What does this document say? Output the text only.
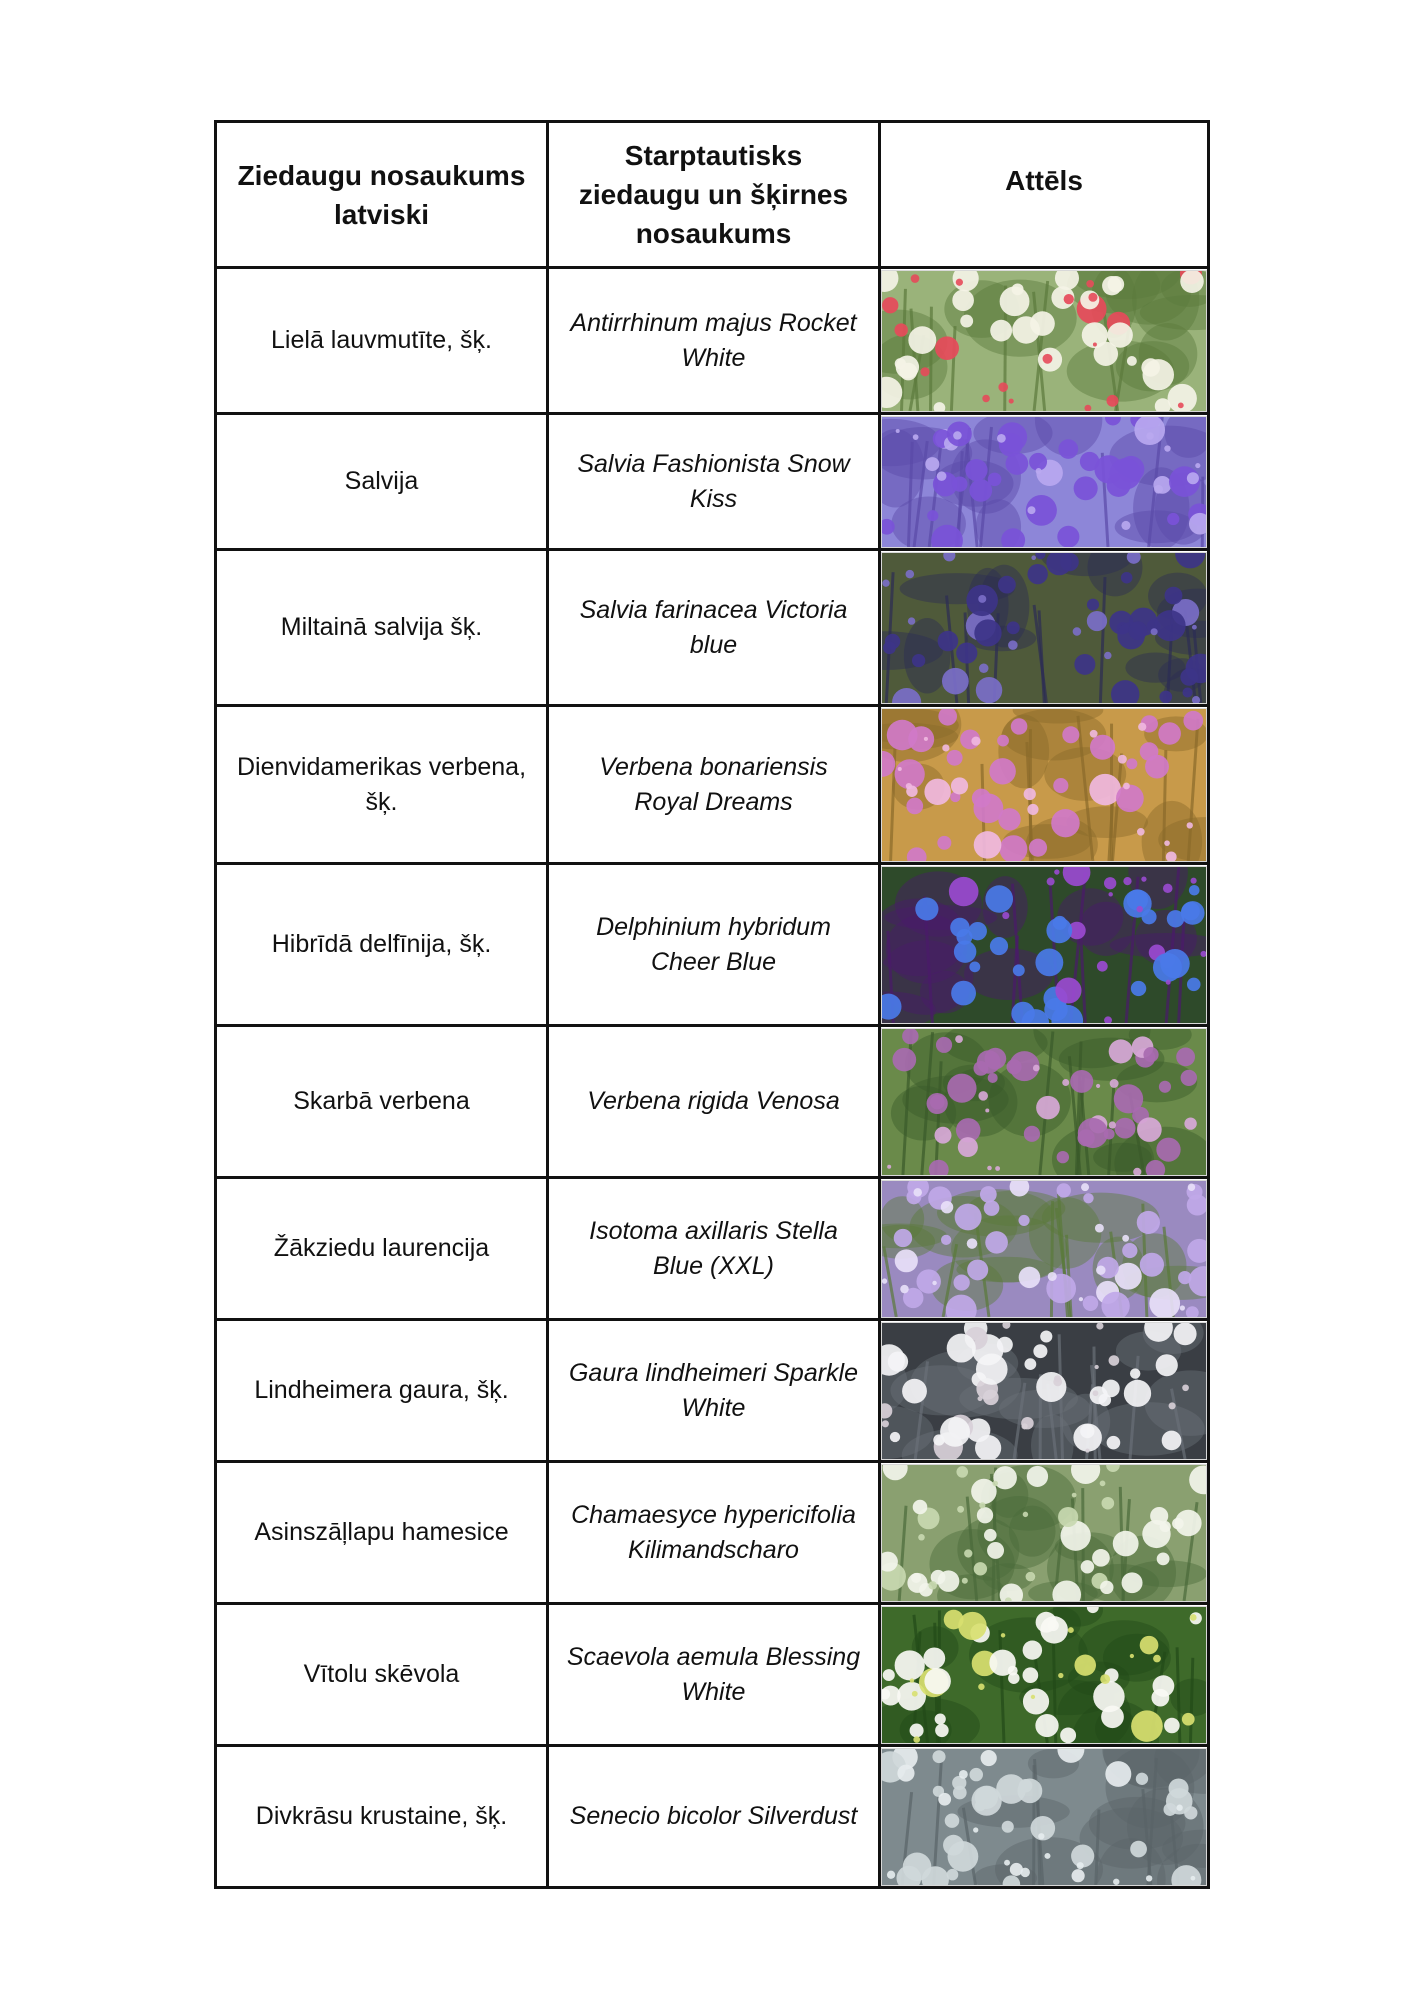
Ziedaugu nosaukums latviski	Starptautisks ziedaugu un šķirnes nosaukums	Attēls
Lielā lauvmutīte, šķ.	Antirrhinum majus Rocket White	

Salvija	Salvia Fashionista Snow Kiss	

Miltainā salvija šķ.	Salvia farinacea Victoria blue	

Dienvidamerikas verbena, šķ.	Verbena bonariensis Royal Dreams	

Hibrīdā delfīnija, šķ.	Delphinium hybridum Cheer Blue	

Skarbā verbena	Verbena rigida Venosa	

Žākziedu laurencija	Isotoma axillaris Stella Blue (XXL)	

Lindheimera gaura, šķ.	Gaura lindheimeri Sparkle White	

Asinszāļlapu hamesice	Chamaesyce hypericifolia Kilimandscharo	

Vītolu skēvola	Scaevola aemula Blessing White	

Divkrāsu krustaine, šķ.	Senecio bicolor Silverdust	
